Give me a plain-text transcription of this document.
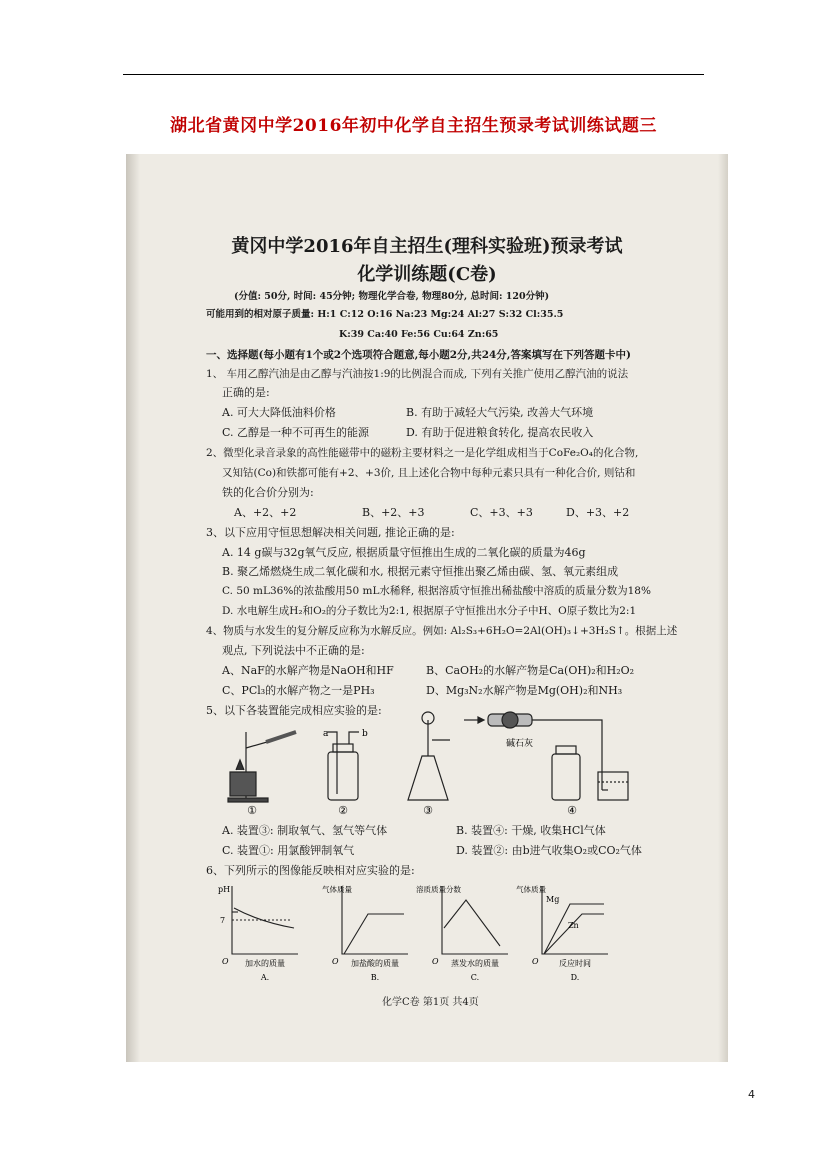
湖北省黄冈中学2016年初中化学自主招生预录考试训练试题三
黄冈中学2016年自主招生(理科实验班)预录考试
化学训练题(C卷)
(分值: 50分, 时间: 45分钟; 物理化学合卷, 物理80分, 总时间: 120分钟)
可能用到的相对原子质量: H:1 C:12 O:16 Na:23 Mg:24 Al:27 S:32 Cl:35.5
K:39 Ca:40 Fe:56 Cu:64 Zn:65
一、选择题(每小题有1个或2个选项符合题意,每小题2分,共24分,答案填写在下列答题卡中)
1、 车用乙醇汽油是由乙醇与汽油按1:9的比例混合而成, 下列有关推广使用乙醇汽油的说法
正确的是:
A. 可大大降低油料价格	B. 有助于减轻大气污染, 改善大气环境
C. 乙醇是一种不可再生的能源	D. 有助于促进粮食转化, 提高农民收入
2、微型化录音录象的高性能磁带中的磁粉主要材料之一是化学组成相当于CoFe₂O₄的化合物,
又知钴(Co)和铁都可能有+2、+3价, 且上述化合物中每种元素只具有一种化合价, 则钴和
铁的化合价分别为:
A、+2、+2	B、+2、+3	C、+3、+3	D、+3、+2
3、以下应用守恒思想解决相关问题, 推论正确的是:
A. 14 g碳与32g氧气反应, 根据质量守恒推出生成的二氧化碳的质量为46g
B. 聚乙烯燃烧生成二氧化碳和水, 根据元素守恒推出聚乙烯由碳、氢、氧元素组成
C. 50 mL36%的浓盐酸用50 mL水稀释, 根据溶质守恒推出稀盐酸中溶质的质量分数为18%
D. 水电解生成H₂和O₂的分子数比为2:1, 根据原子守恒推出水分子中H、O原子数比为2:1
4、物质与水发生的复分解反应称为水解反应。例如: Al₂S₃+6H₂O=2Al(OH)₃↓+3H₂S↑。根据上述
观点, 下列说法中不正确的是:
A、NaF的水解产物是NaOH和HF	B、CaOH₂的水解产物是Ca(OH)₂和H₂O₂
C、PCl₃的水解产物之一是PH₃	D、Mg₃N₂水解产物是Mg(OH)₂和NH₃
5、以下各装置能完成相应实验的是:
①	②	③	④
a	b
碱石灰
A. 装置③: 制取氧气、氢气等气体	B. 装置④: 干燥, 收集HCl气体
C. 装置①: 用氯酸钾制氧气	D. 装置②: 由b进气收集O₂或CO₂气体
6、下列所示的图像能反映相对应实验的是:
pH
7
O 加水的质量
A.
气体质量
O 加盐酸的质量
B.
溶质质量分数
O 蒸发水的质量
C.
气体质量
O
Mg
Zn
反应时间
D.
化学C卷 第1页 共4页
4
